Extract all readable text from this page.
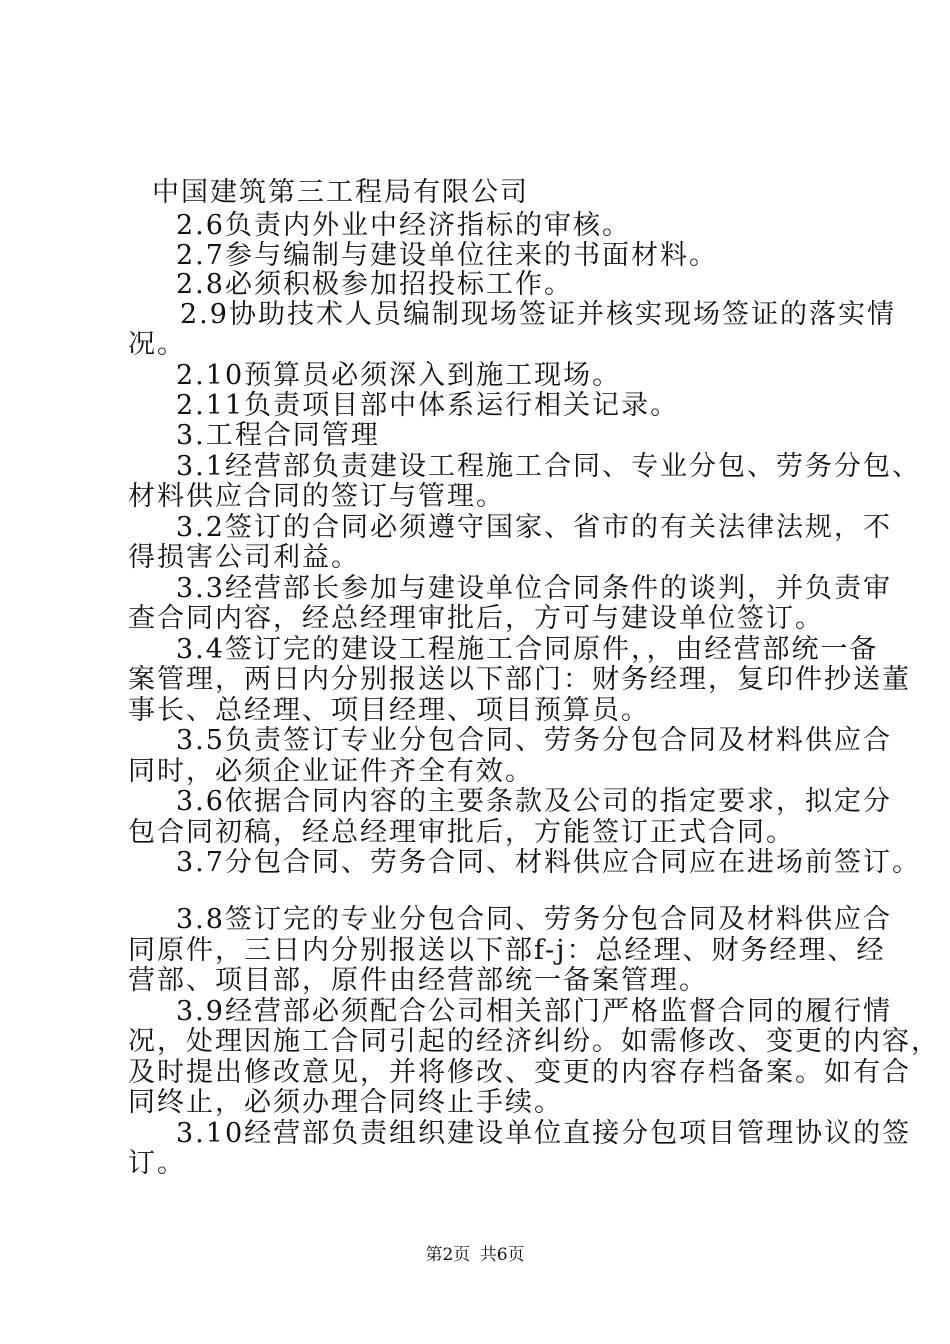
中国建筑第三工程局有限公司
2.6负责内外业中经济指标的审核。
2.7参与编制与建设单位往来的书面材料。
2.8必须积极参加招投标工作。
2.9协助技术人员编制现场签证并核实现场签证的落实情
况。
2.10预算员必须深入到施工现场。
2.11负责项目部中体系运行相关记录。
3.工程合同管理
3.1经营部负责建设工程施工合同、专业分包、劳务分包、
材料供应合同的签订与管理。
3.2签订的合同必须遵守国家、省市的有关法律法规，不
得损害公司利益。
3.3经营部长参加与建设单位合同条件的谈判，并负责审
查合同内容，经总经理审批后，方可与建设单位签订。
3.4签订完的建设工程施工合同原件，，由经营部统一备
案管理，两日内分别报送以下部门：财务经理，复印件抄送董
事长、总经理、项目经理、项目预算员。
3.5负责签订专业分包合同、劳务分包合同及材料供应合
同时，必须企业证件齐全有效。
3.6依据合同内容的主要条款及公司的指定要求，拟定分
包合同初稿，经总经理审批后，方能签订正式合同。
3.7分包合同、劳务合同、材料供应合同应在进场前签订。
3.8签订完的专业分包合同、劳务分包合同及材料供应合
同原件，三日内分别报送以下部f-j：总经理、财务经理、经
营部、项目部，原件由经营部统一备案管理。
3.9经营部必须配合公司相关部门严格监督合同的履行情
况，处理因施工合同引起的经济纠纷。如需修改、变更的内容，
及时提出修改意见，并将修改、变更的内容存档备案。如有合
同终止，必须办理合同终止手续。
3.10经营部负责组织建设单位直接分包项目管理协议的签
订。
第2页 共6页
